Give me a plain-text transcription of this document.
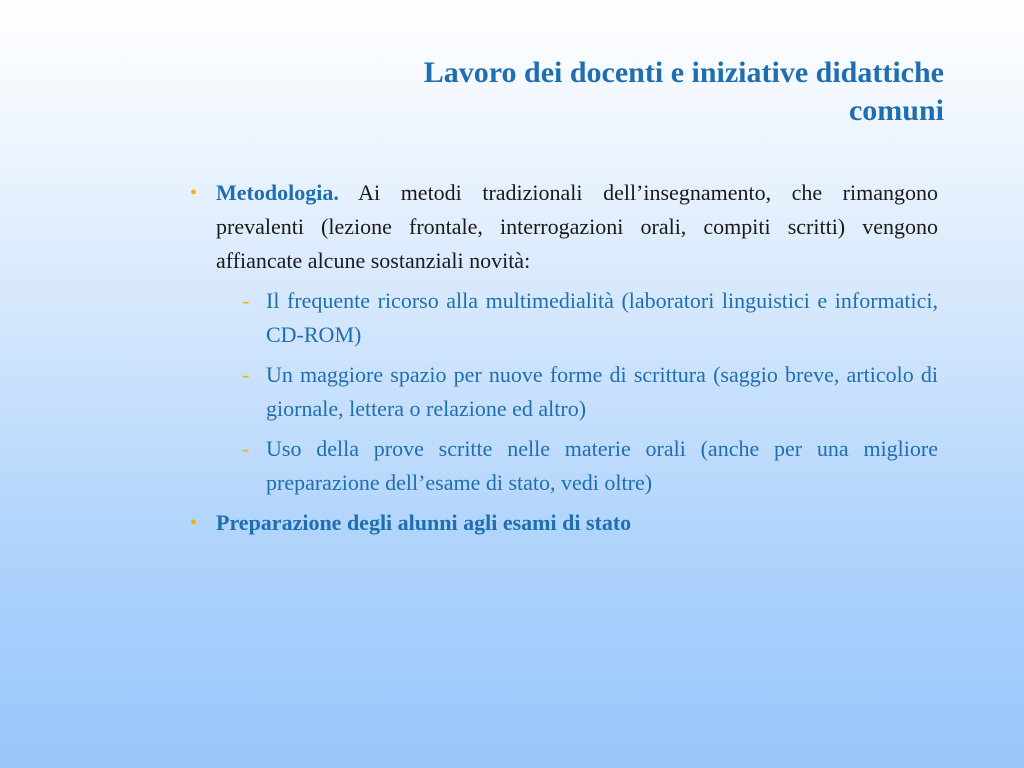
Lavoro dei docenti e iniziative didattiche
comuni
• Metodologia. Ai metodi tradizionali dell’insegnamento, che rimangono prevalenti (lezione frontale, interrogazioni orali, compiti scritti) vengono affiancate alcune sostanziali novità:
- Il frequente ricorso alla multimedialità (laboratori linguistici e informatici, CD-ROM)
- Un maggiore spazio per nuove forme di scrittura (saggio breve, articolo di giornale, lettera o relazione ed altro)
- Uso della prove scritte nelle materie orali (anche per una migliore preparazione dell’esame di stato, vedi oltre)
• Preparazione degli alunni agli esami di stato
